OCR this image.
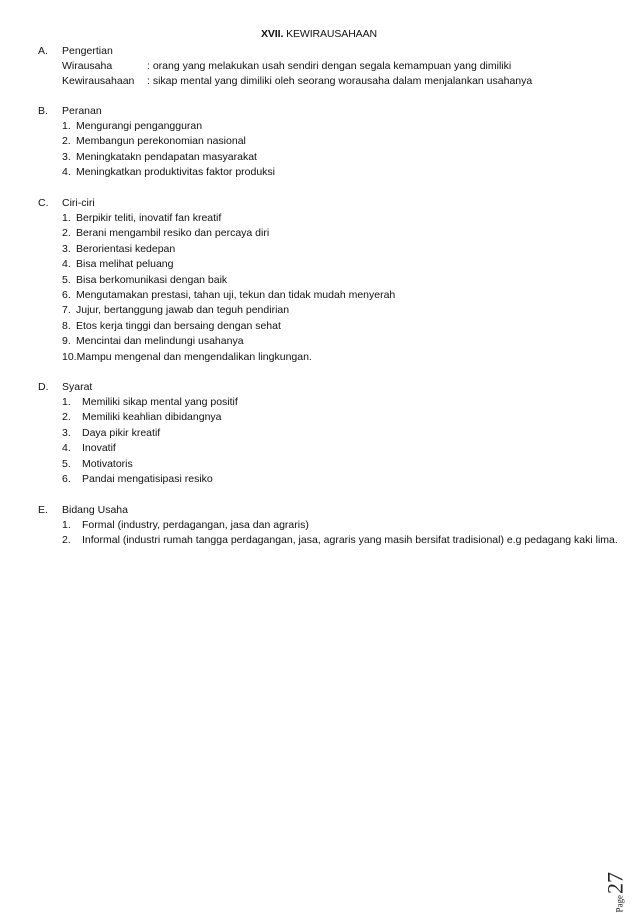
XVII. KEWIRAUSAHAAN
A.	Pengertian
Wirausaha	: orang yang melakukan usah sendiri dengan segala kemampuan yang dimiliki
Kewirausahaan	: sikap mental yang dimiliki oleh seorang worausaha dalam menjalankan usahanya
B.	Peranan
1. Mengurangi pengangguran
2. Membangun perekonomian nasional
3. Meningkatakn pendapatan masyarakat
4. Meningkatkan produktivitas faktor produksi
C.	Ciri-ciri
1. Berpikir teliti, inovatif fan kreatif
2. Berani mengambil resiko dan percaya diri
3. Berorientasi kedepan
4. Bisa melihat peluang
5. Bisa berkomunikasi dengan baik
6. Mengutamakan prestasi, tahan uji, tekun dan tidak mudah menyerah
7. Jujur, bertanggung jawab dan teguh pendirian
8. Etos kerja tinggi dan bersaing dengan sehat
9. Mencintai dan melindungi usahanya
10. Mampu mengenal dan mengendalikan lingkungan.
D.	Syarat
1.	Memiliki sikap mental yang positif
2.	Memiliki keahlian dibidangnya
3.	Daya pikir kreatif
4.	Inovatif
5.	Motivatoris
6.	Pandai mengatisipasi resiko
E.	Bidang Usaha
1.	Formal (industry, perdagangan, jasa dan agraris)
2.	Informal (industri rumah tangga perdagangan, jasa, agraris yang masih bersifat tradisional) e.g pedagang kaki lima.
Page
27
